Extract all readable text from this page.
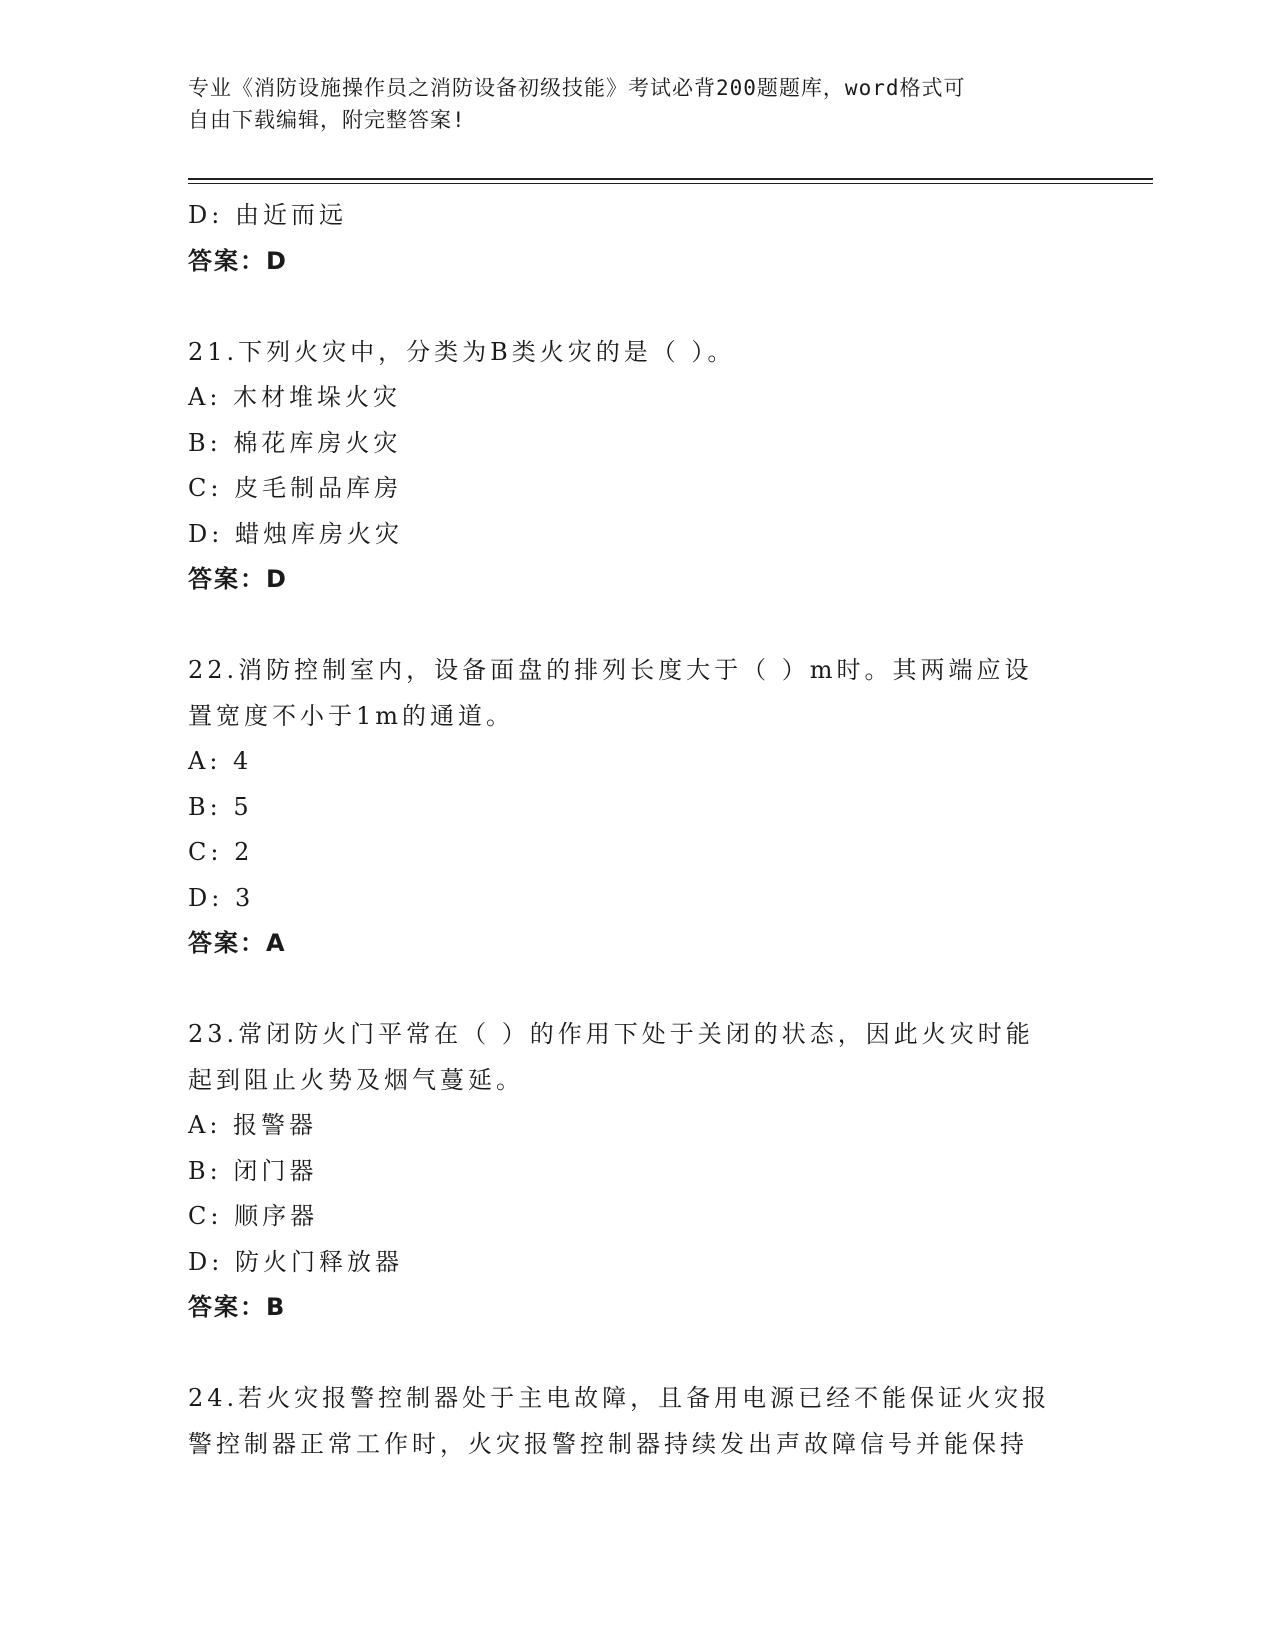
专业《消防设施操作员之消防设备初级技能》考试必背200题题库，word格式可
自由下载编辑，附完整答案!
D: 由近而远
答案：D
21.下列火灾中，分类为B类火灾的是（ ）。
A: 木材堆垛火灾
B: 棉花库房火灾
C: 皮毛制品库房
D: 蜡烛库房火灾
答案：D
22.消防控制室内，设备面盘的排列长度大于（ ）m时。其两端应设
置宽度不小于1m的通道。
A: 4
B: 5
C: 2
D: 3
答案：A
23.常闭防火门平常在（ ）的作用下处于关闭的状态，因此火灾时能
起到阻止火势及烟气蔓延。
A: 报警器
B: 闭门器
C: 顺序器
D: 防火门释放器
答案：B
24.若火灾报警控制器处于主电故障，且备用电源已经不能保证火灾报
警控制器正常工作时，火灾报警控制器持续发出声故障信号并能保持
